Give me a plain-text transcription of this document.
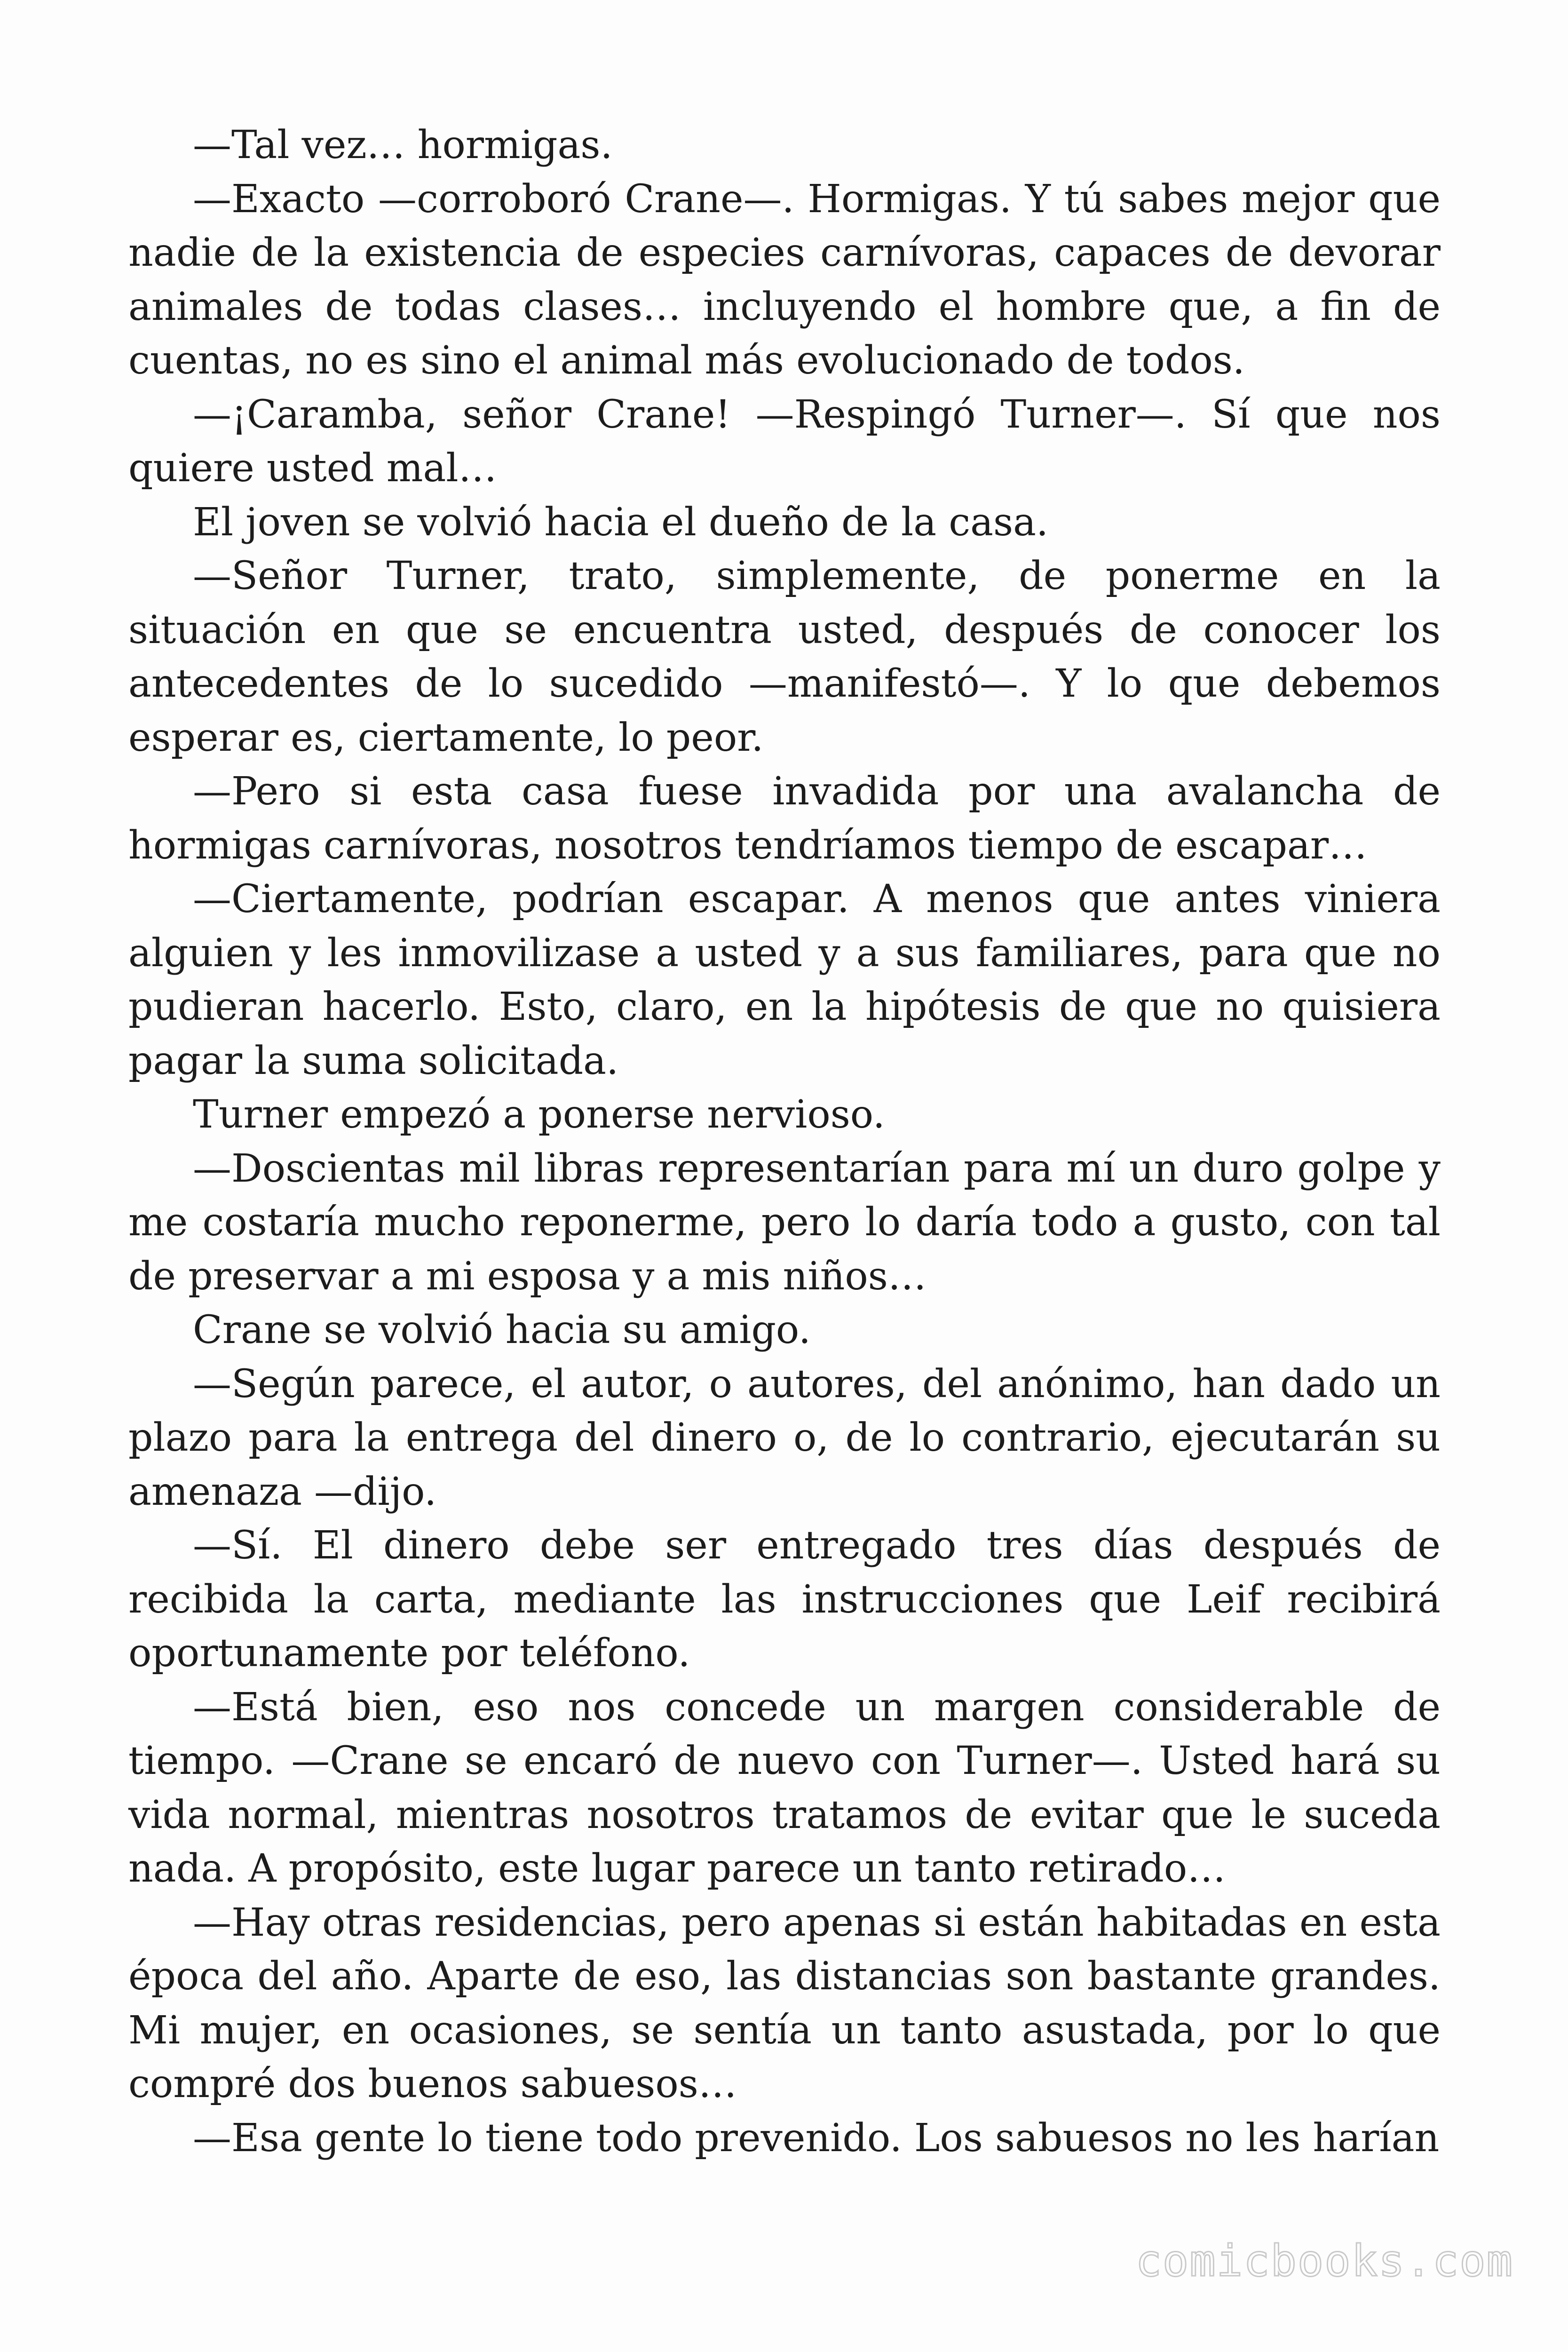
—Tal vez… hormigas.

—Exacto —corroboró Crane—. Hormigas. Y tú sabes mejor que nadie de la existencia de especies carnívoras, capaces de devorar animales de todas clases… incluyendo el hombre que, a fin de cuentas, no es sino el animal más evolucionado de todos.

—¡Caramba, señor Crane! —Respingó Turner—. Sí que nos quiere usted mal…

El joven se volvió hacia el dueño de la casa.

—Señor Turner, trato, simplemente, de ponerme en la situación en que se encuentra usted, después de conocer los antecedentes de lo sucedido —manifestó—. Y lo que debemos esperar es, ciertamente, lo peor.

—Pero si esta casa fuese invadida por una avalancha de hormigas carnívoras, nosotros tendríamos tiempo de escapar…

—Ciertamente, podrían escapar. A menos que antes viniera alguien y les inmovilizase a usted y a sus familiares, para que no pudieran hacerlo. Esto, claro, en la hipótesis de que no quisiera pagar la suma solicitada.

Turner empezó a ponerse nervioso.

—Doscientas mil libras representarían para mí un duro golpe y me costaría mucho reponerme, pero lo daría todo a gusto, con tal de preservar a mi esposa y a mis niños…

Crane se volvió hacia su amigo.

—Según parece, el autor, o autores, del anónimo, han dado un plazo para la entrega del dinero o, de lo contrario, ejecutarán su amenaza —dijo.

—Sí. El dinero debe ser entregado tres días después de recibida la carta, mediante las instrucciones que Leif recibirá oportunamente por teléfono.

—Está bien, eso nos concede un margen considerable de tiempo. —Crane se encaró de nuevo con Turner—. Usted hará su vida normal, mientras nosotros tratamos de evitar que le suceda nada. A propósito, este lugar parece un tanto retirado…

—Hay otras residencias, pero apenas si están habitadas en esta época del año. Aparte de eso, las distancias son bastante grandes. Mi mujer, en ocasiones, se sentía un tanto asustada, por lo que compré dos buenos sabuesos…

—Esa gente lo tiene todo prevenido. Los sabuesos no les harían

comicbooks.com
